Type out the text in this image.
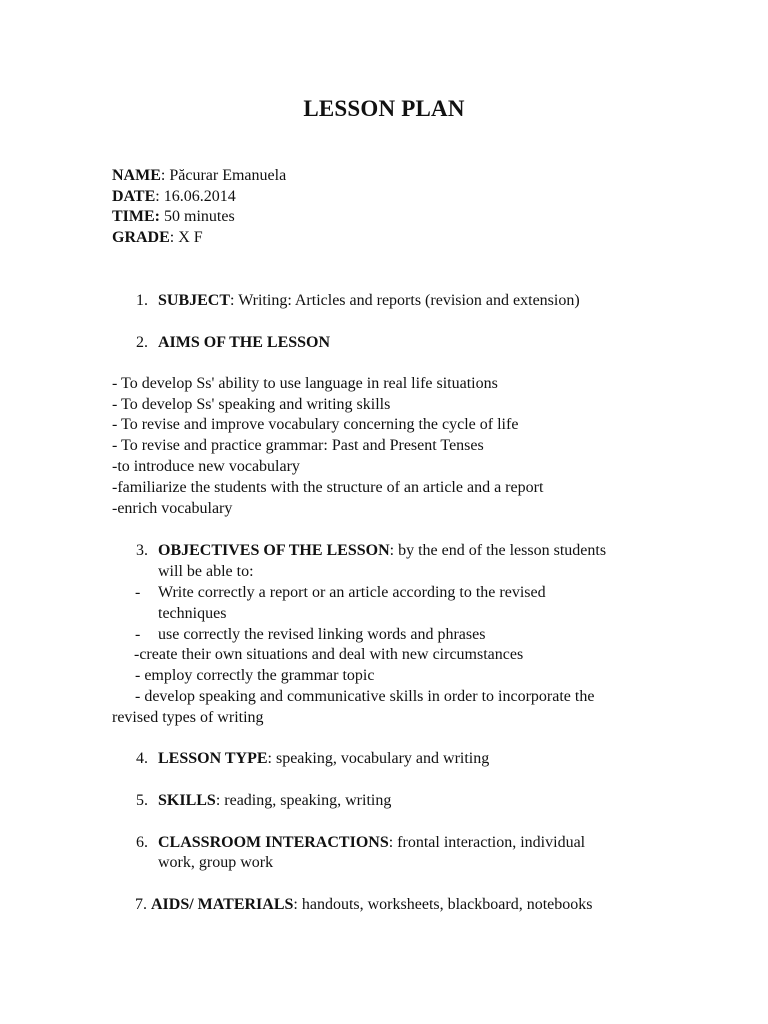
LESSON PLAN
NAME: Păcurar Emanuela
DATE: 16.06.2014
TIME: 50 minutes
GRADE: X F
1. SUBJECT: Writing: Articles and reports (revision and extension)
2. AIMS OF THE LESSON
- To develop Ss' ability to use language in real life situations
- To develop Ss' speaking and writing skills
- To revise and improve vocabulary concerning the cycle of life
- To revise and practice grammar: Past and Present Tenses
-to introduce new vocabulary
-familiarize the students with the structure of an article and a report
-enrich vocabulary
3. OBJECTIVES OF THE LESSON: by the end of the lesson students
will be able to:
- Write correctly a report or an article according to the revised
techniques
- use correctly the revised linking words and phrases
-create their own situations and deal with new circumstances
- employ correctly the grammar topic
- develop speaking and communicative skills in order to incorporate the
revised types of writing
4. LESSON TYPE: speaking, vocabulary and writing
5. SKILLS: reading, speaking, writing
6. CLASSROOM INTERACTIONS: frontal interaction, individual
work, group work
7. AIDS/ MATERIALS: handouts, worksheets, blackboard, notebooks
